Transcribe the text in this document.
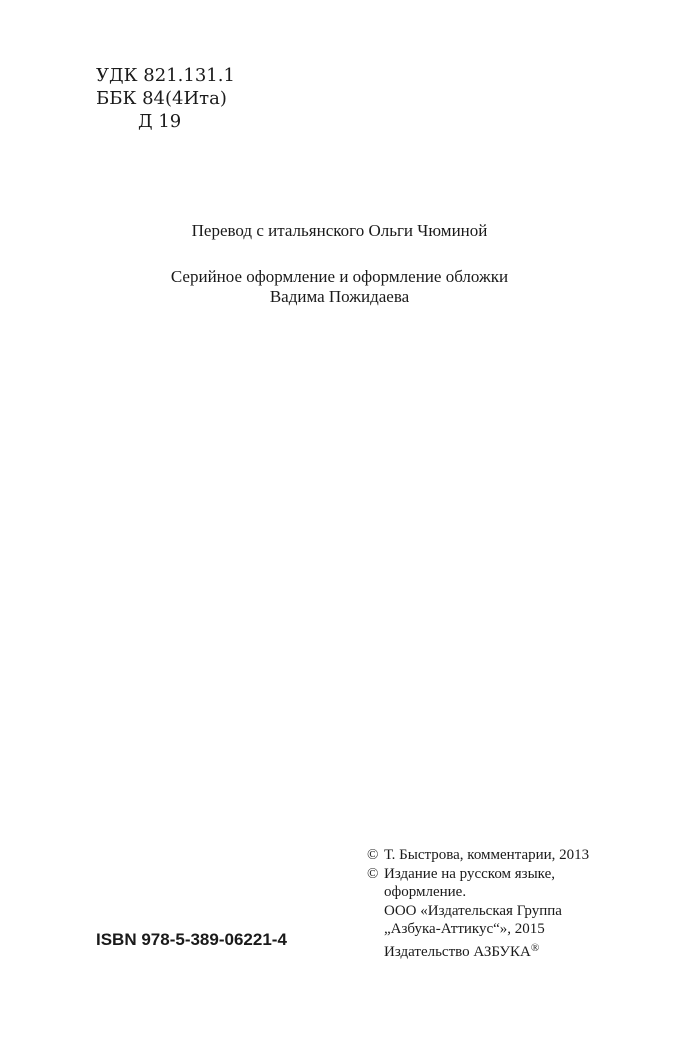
УДК 821.131.1
ББК 84(4Ита)
Д 19
Перевод с итальянского Ольги Чюминой
Серийное оформление и оформление обложки
Вадима Пожидаева
© Т. Быстрова, комментарии, 2013
© Издание на русском языке,
оформление.
ООО «Издательская Группа
„Азбука-Аттикус“», 2015
Издательство АЗБУКА®
ISBN 978-5-389-06221-4
